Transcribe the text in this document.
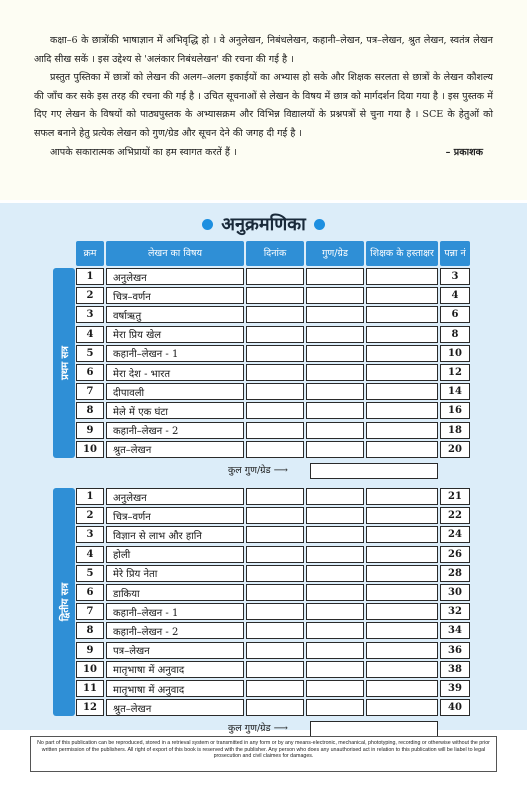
कक्षा–6 के छात्रोंकी भाषाज्ञान में अभिवृद्धि हो । वे अनुलेखन, निबंधलेखन, कहानी–लेखन, पत्र–लेखन, श्रुत लेखन, स्वतंत्र लेखन आदि सीख सकें । इस उद्देश्य से 'अलंकार निबंधलेखन' की रचना की गई है ।

प्रस्तुत पुस्तिका में छात्रों को लेखन की अलग–अलग इकाईयों का अभ्यास हो सके और शिक्षक सरलता से छात्रों के लेखन कौशल्य की जाँच कर सके इस तरह की रचना की गई है । उचित सूचनाओं से लेखन के विषय में छात्र को मार्गदर्शन दिया गया है । इस पुस्तक में दिए गए लेखन के विषयों को पाठ्यपुस्तक के अभ्यासक्रम और विभिन्न विद्यालयों के प्रश्नपत्रों से चुना गया है । SCE के हेतुओं को सफल बनाने हेतु प्रत्येक लेखन को गुण/ग्रेड और सूचन देने की जगह दी गई है ।

आपके सकारात्मक अभिप्रायों का हम स्वागत करतें हैं ।	– प्रकाशक
अनुक्रमणिका
क्रम	लेखन का विषय	दिनांक	गुण/ग्रेड	शिक्षक के हस्ताक्षर	पन्ना नं
प्रथम सत्र
द्वितीय सत्र
1	अनुलेखन	3
2	चित्र–वर्णन	4
3	वर्षाऋतु	6
4	मेरा प्रिय खेल	8
5	कहानी–लेखन - 1	10
6	मेरा देश - भारत	12
7	दीपावली	14
8	मेले में एक घंटा	16
9	कहानी–लेखन - 2	18
10	श्रुत–लेखन	20
1	अनुलेखन	21
2	चित्र–वर्णन	22
3	विज्ञान से लाभ और हानि	24
4	होली	26
5	मेरे प्रिय नेता	28
6	डाकिया	30
7	कहानी–लेखन - 1	32
8	कहानी–लेखन - 2	34
9	पत्र–लेखन	36
10	मातृभाषा में अनुवाद	38
11	मातृभाषा में अनुवाद	39
12	श्रुत–लेखन	40
कुल गुण/ग्रेड ⟶
कुल गुण/ग्रेड ⟶
No part of this publication can be reproduced, stored in a retrieval system or transmitted in any form or by any means-electronic, mechanical, phototyping, recording or otherwise without the prior written permission of the publishers. All right of export of this book is reserved with the publisher. Any person who does any unauthorised act in relation to this publication will be liabel to legal prosecution and civil claimes for damages.
